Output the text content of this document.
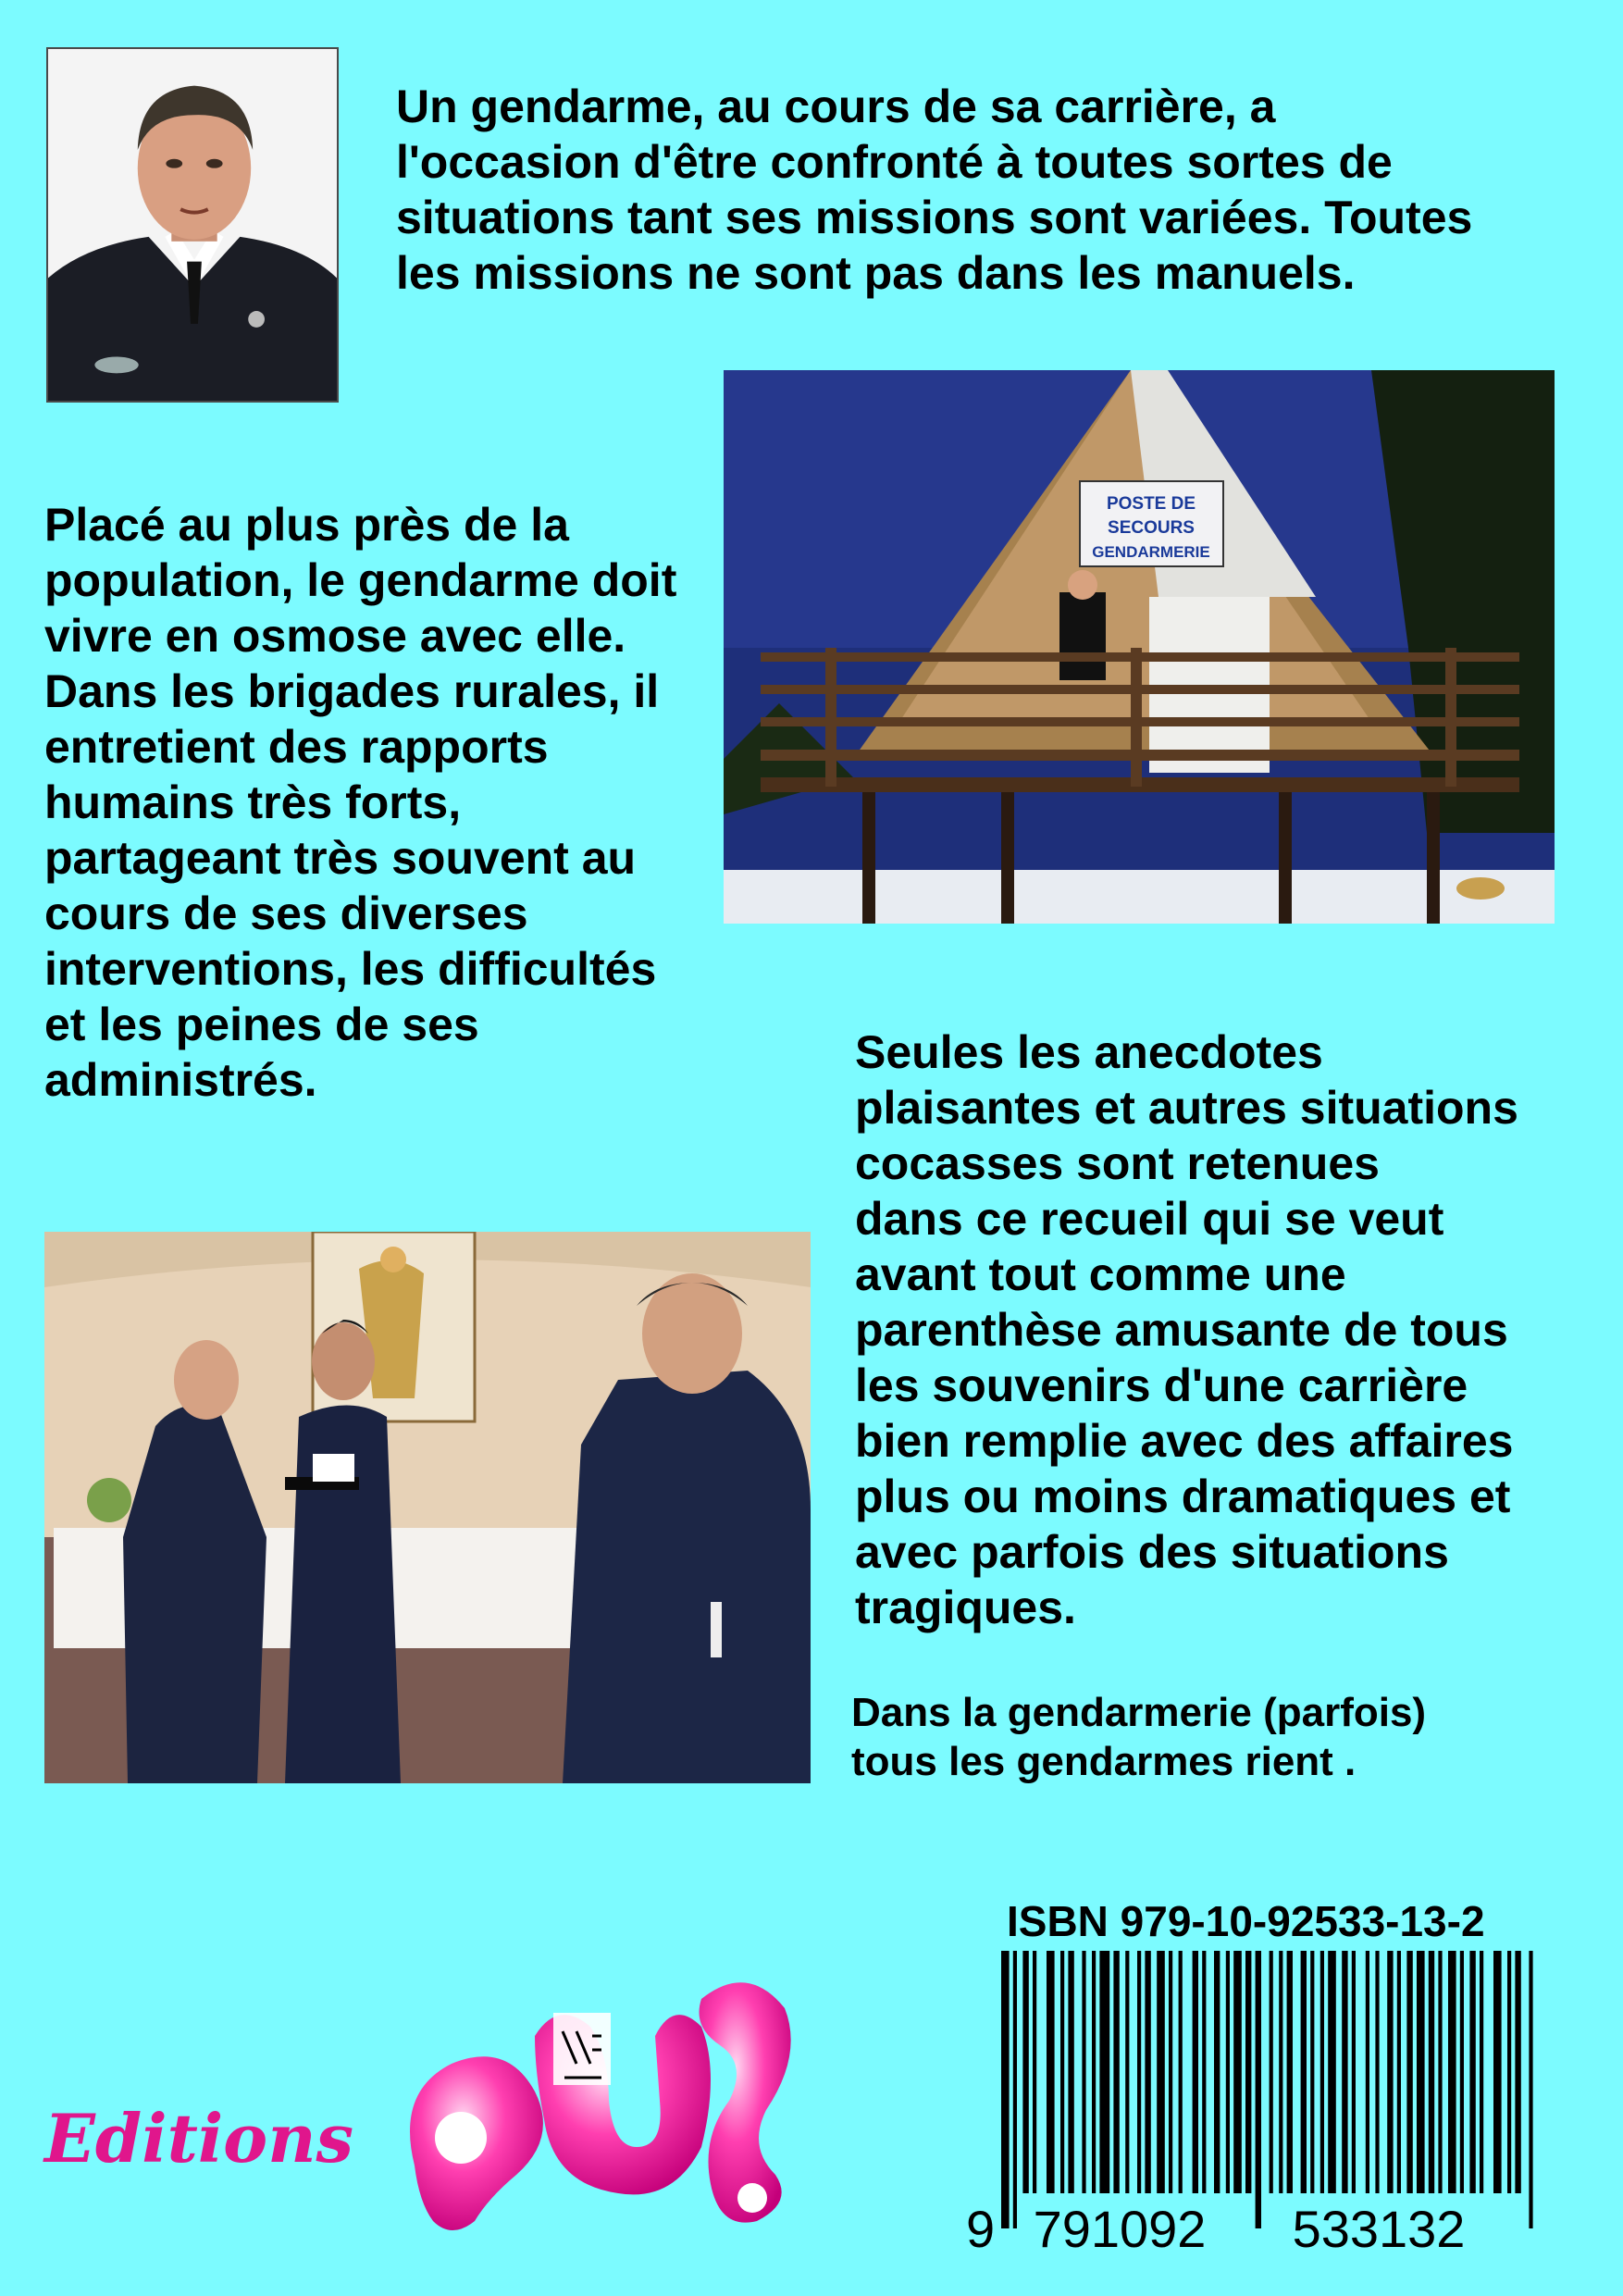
Un gendarme, au cours de sa carrière, a
l'occasion d'être confronté à toutes sortes de
situations tant ses missions sont variées. Toutes
les missions ne sont pas dans les manuels.

POSTE DE
SECOURS
GENDARMERIE

Placé au plus près de la
population, le gendarme doit
vivre en osmose avec elle.
Dans les brigades rurales, il
entretient des rapports
humains très forts,
partageant très souvent au
cours de ses diverses
interventions, les difficultés
et les peines de ses
administrés.

Seules les anecdotes
plaisantes et autres situations
cocasses sont retenues
dans ce recueil qui se veut
avant tout comme une
parenthèse amusante de tous
les souvenirs d'une carrière
bien remplie avec des affaires
plus ou moins dramatiques et
avec parfois des situations
tragiques.

Dans la gendarmerie (parfois)
tous les gendarmes rient .

ISBN 979-10-92533-13-2
9 791092 533132
Editions
